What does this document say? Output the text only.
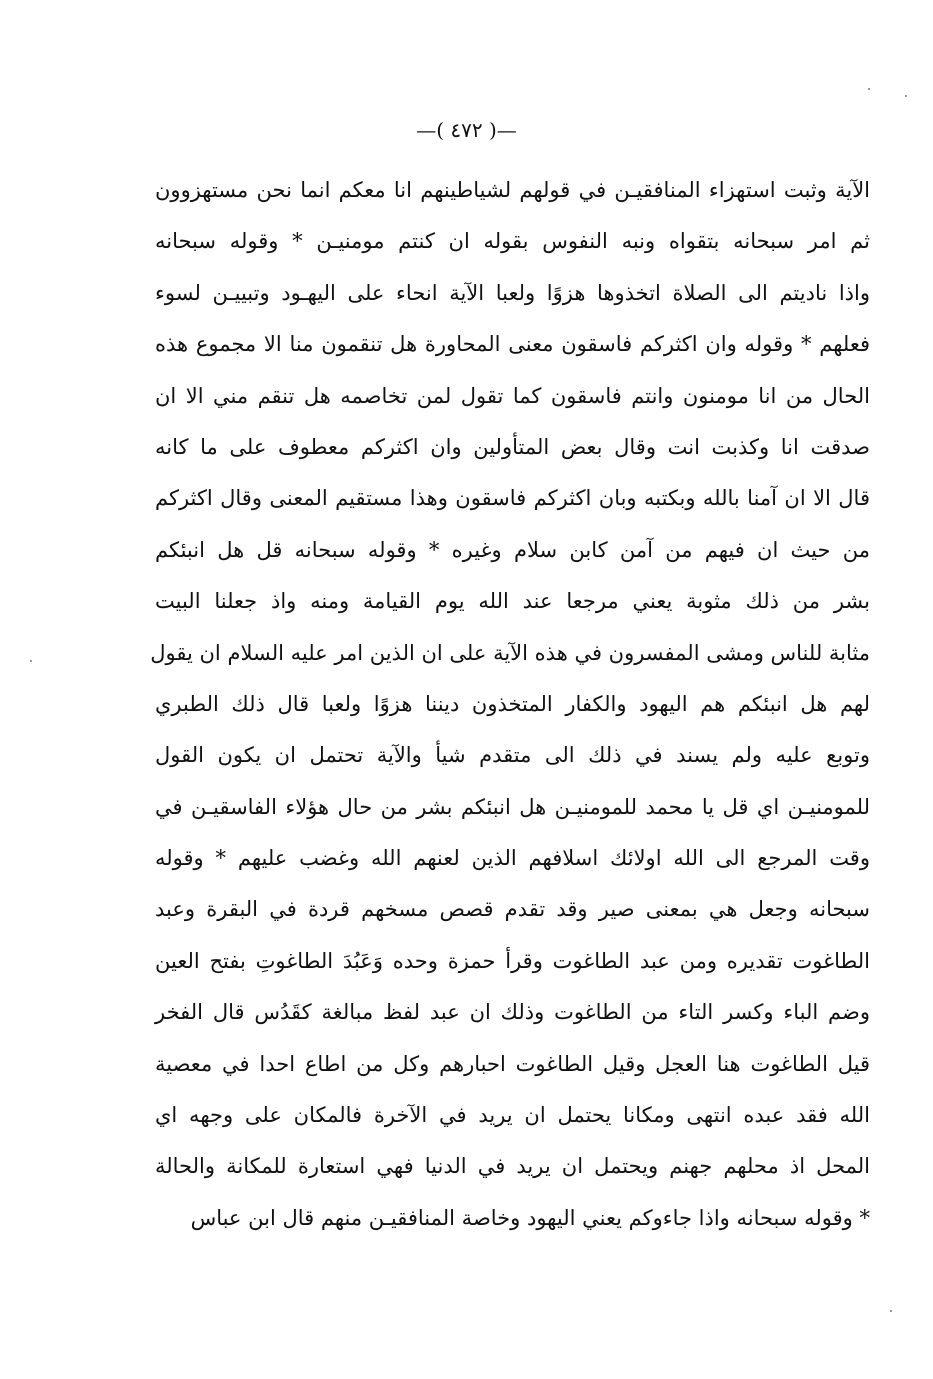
—( ٤٧٢ )—
الآية وثبت استهزاء المنافقيـن في قولهم لشياطينهم انا معكم انما نحن مستهزوون
ثم امر سبحانه بتقواه ونبه النفوس بقوله ان كنتم مومنيـن * وقوله سبحانه
واذا ناديتم الى الصلاة اتخذوها هزوًا ولعبا الآية انحاء على اليهـود وتبييـن لسوء
فعلهم * وقوله وان اكثركم فاسقون معنى المحاورة هل تنقمون منا الا مجموع هذه
الحال من انا مومنون وانتم فاسقون كما تقول لمن تخاصمه هل تنقم مني الا ان
صدقت انا وكذبت انت وقال بعض المتأولين وان اكثركم معطوف على ما كانه
قال الا ان آمنا بالله وبكتبه وبان اكثركم فاسقون وهذا مستقيم المعنى وقال اكثركم
من حيث ان فيهم من آمن كابن سلام وغيره * وقوله سبحانه قل هل انبئكم
بشر من ذلك مثوبة يعني مرجعا عند الله يوم القيامة ومنه واذ جعلنا البيت
مثابة للناس ومشى المفسرون في هذه الآية على ان الذين امر عليه السلام ان يقول
لهم هل انبئكم هم اليهود والكفار المتخذون ديننا هزوًا ولعبا قال ذلك الطبري
وتوبع عليه ولم يسند في ذلك الى متقدم شيأ والآية تحتمل ان يكون القول
للمومنيـن اي قل يا محمد للمومنيـن هل انبئكم بشر من حال هؤلاء الفاسقيـن في
وقت المرجع الى الله اولائك اسلافهم الذين لعنهم الله وغضب عليهم * وقوله
سبحانه وجعل هي بمعنى صير وقد تقدم قصص مسخهم قردة في البقرة وعبد
الطاغوت تقديره ومن عبد الطاغوت وقرأ حمزة وحده وَعَبُدَ الطاغوتِ بفتح العين
وضم الباء وكسر التاء من الطاغوت وذلك ان عبد لفظ مبالغة كقَدُس قال الفخر
قيل الطاغوت هنا العجل وقيل الطاغوت احبارهم وكل من اطاع احدا في معصية
الله فقد عبده انتهى ومكانا يحتمل ان يريد في الآخرة فالمكان على وجهه اي
المحل اذ محلهم جهنم ويحتمل ان يريد في الدنيا فهي استعارة للمكانة والحالة
* وقوله سبحانه واذا جاءوكم يعني اليهود وخاصة المنافقيـن منهم قال ابن عباس
